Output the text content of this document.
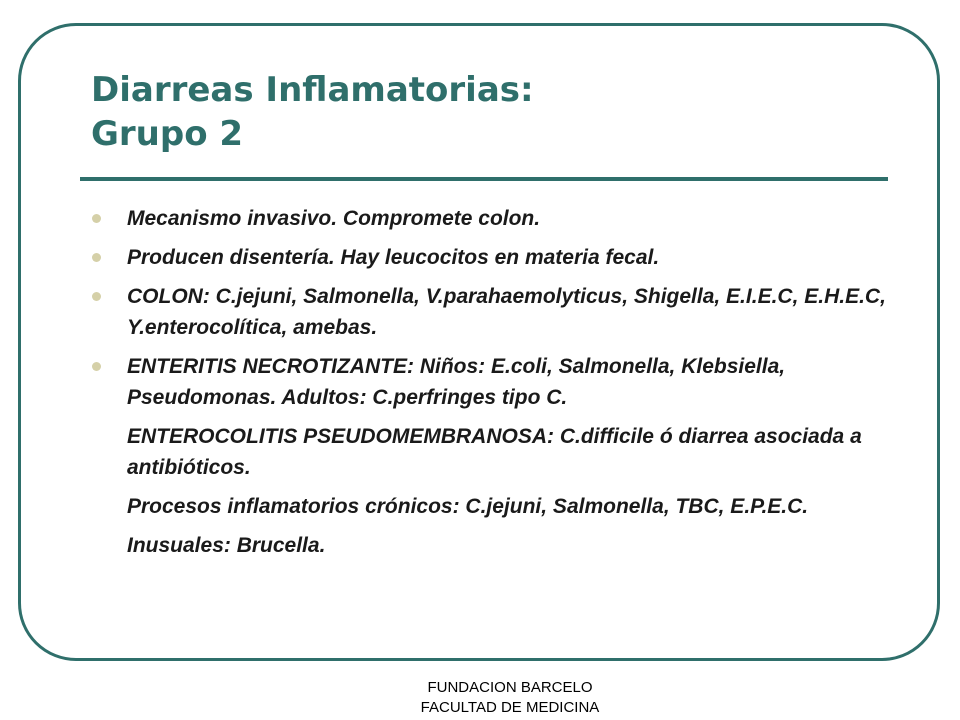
Diarreas Inflamatorias:
Grupo 2
Mecanismo invasivo. Compromete colon.
Producen disentería. Hay leucocitos en materia fecal.
COLON: C.jejuni, Salmonella, V.parahaemolyticus, Shigella, E.I.E.C, E.H.E.C, Y.enterocolítica, amebas.
ENTERITIS NECROTIZANTE: Niños: E.coli, Salmonella, Klebsiella, Pseudomonas. Adultos: C.perfringes tipo C.
ENTEROCOLITIS PSEUDOMEMBRANOSA: C.difficile ó diarrea asociada a antibióticos.
Procesos inflamatorios crónicos: C.jejuni, Salmonella, TBC, E.P.E.C.
Inusuales: Brucella.
FUNDACION BARCELO
FACULTAD DE MEDICINA
